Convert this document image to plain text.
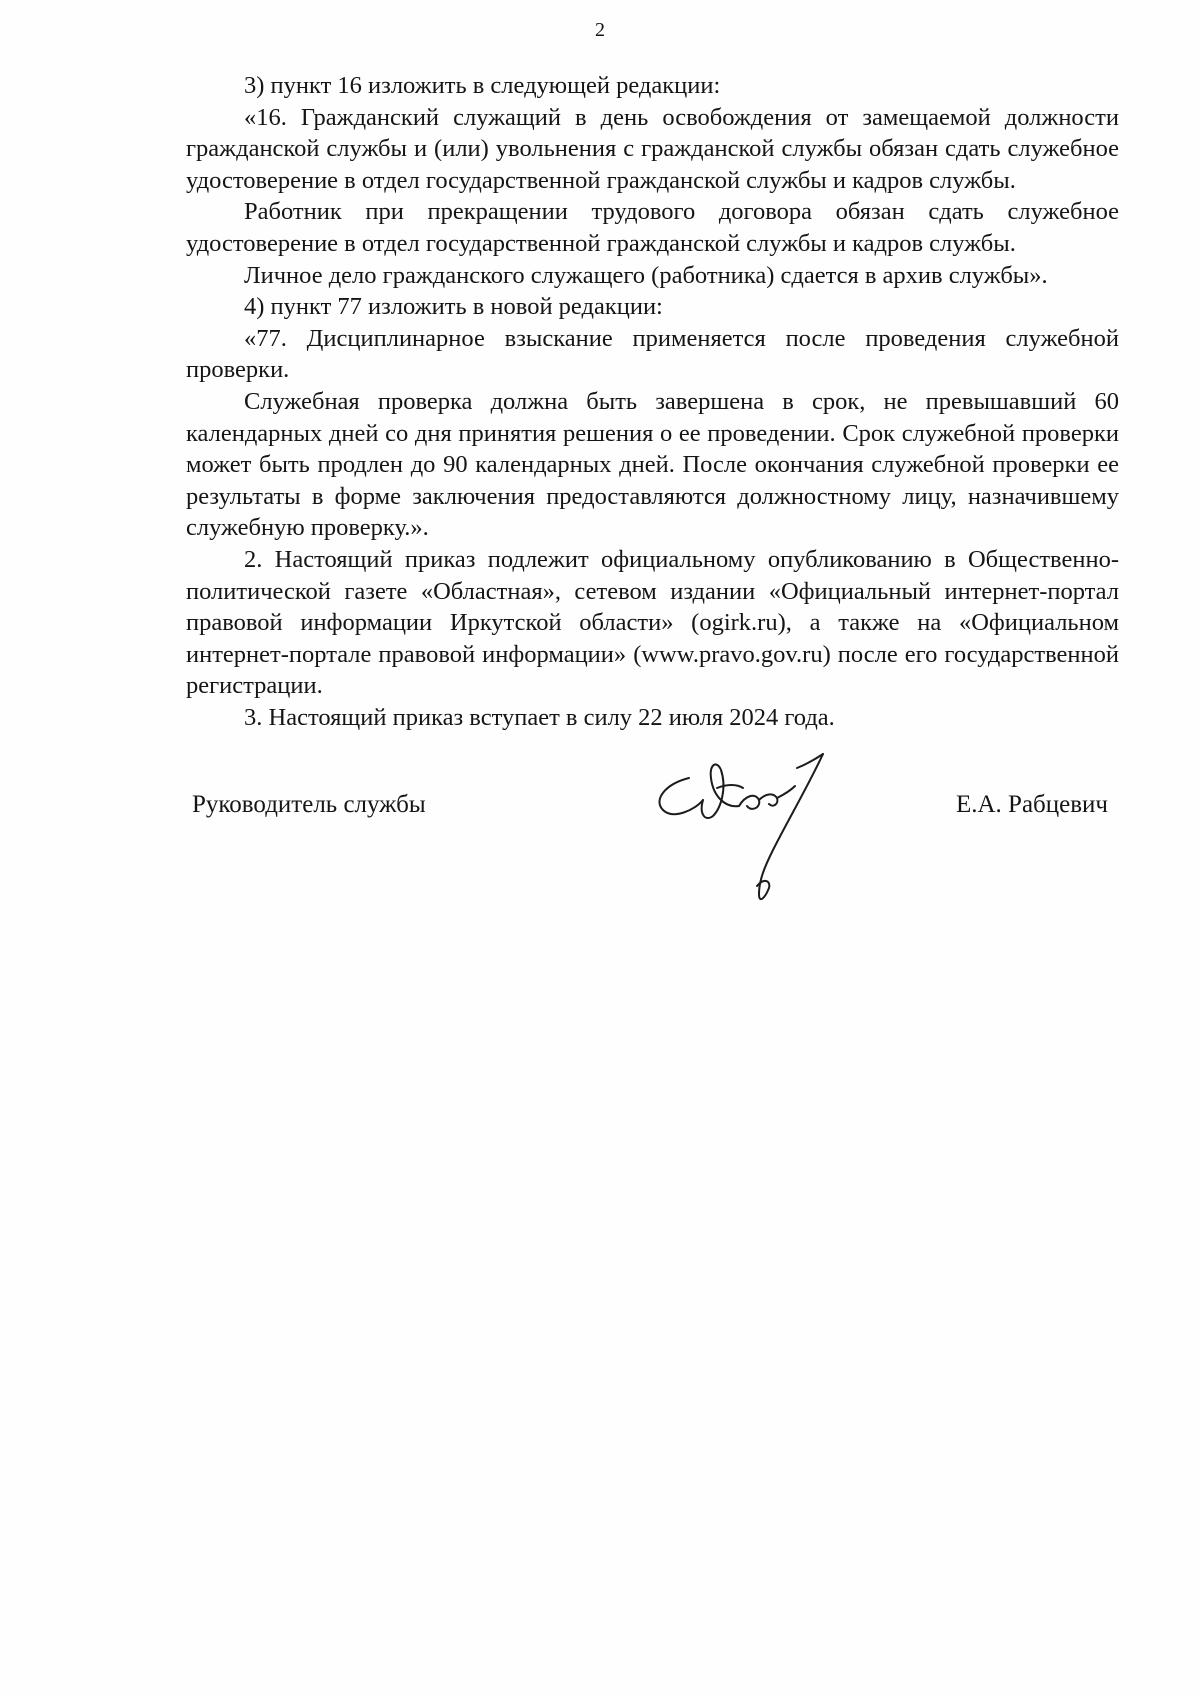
2

3) пункт 16 изложить в следующей редакции:

«16. Гражданский служащий в день освобождения от замещаемой должности гражданской службы и (или) увольнения с гражданской службы обязан сдать служебное удостоверение в отдел государственной гражданской службы и кадров службы.

Работник при прекращении трудового договора обязан сдать служебное удостоверение в отдел государственной гражданской службы и кадров службы.

Личное дело гражданского служащего (работника) сдается в архив службы».

4) пункт 77 изложить в новой редакции:

«77. Дисциплинарное взыскание применяется после проведения служебной проверки.

Служебная проверка должна быть завершена в срок, не превышавший 60 календарных дней со дня принятия решения о ее проведении. Срок служебной проверки может быть продлен до 90 календарных дней. После окончания служебной проверки ее результаты в форме заключения предоставляются должностному лицу, назначившему служебную проверку.».

2. Настоящий приказ подлежит официальному опубликованию в Общественно-политической газете «Областная», сетевом издании «Официальный интернет-портал правовой информации Иркутской области» (ogirk.ru), а также на «Официальном интернет-портале правовой информации» (www.pravo.gov.ru) после его государственной регистрации.

3. Настоящий приказ вступает в силу 22 июля 2024 года.

Руководитель службы	Е.А. Рабцевич
